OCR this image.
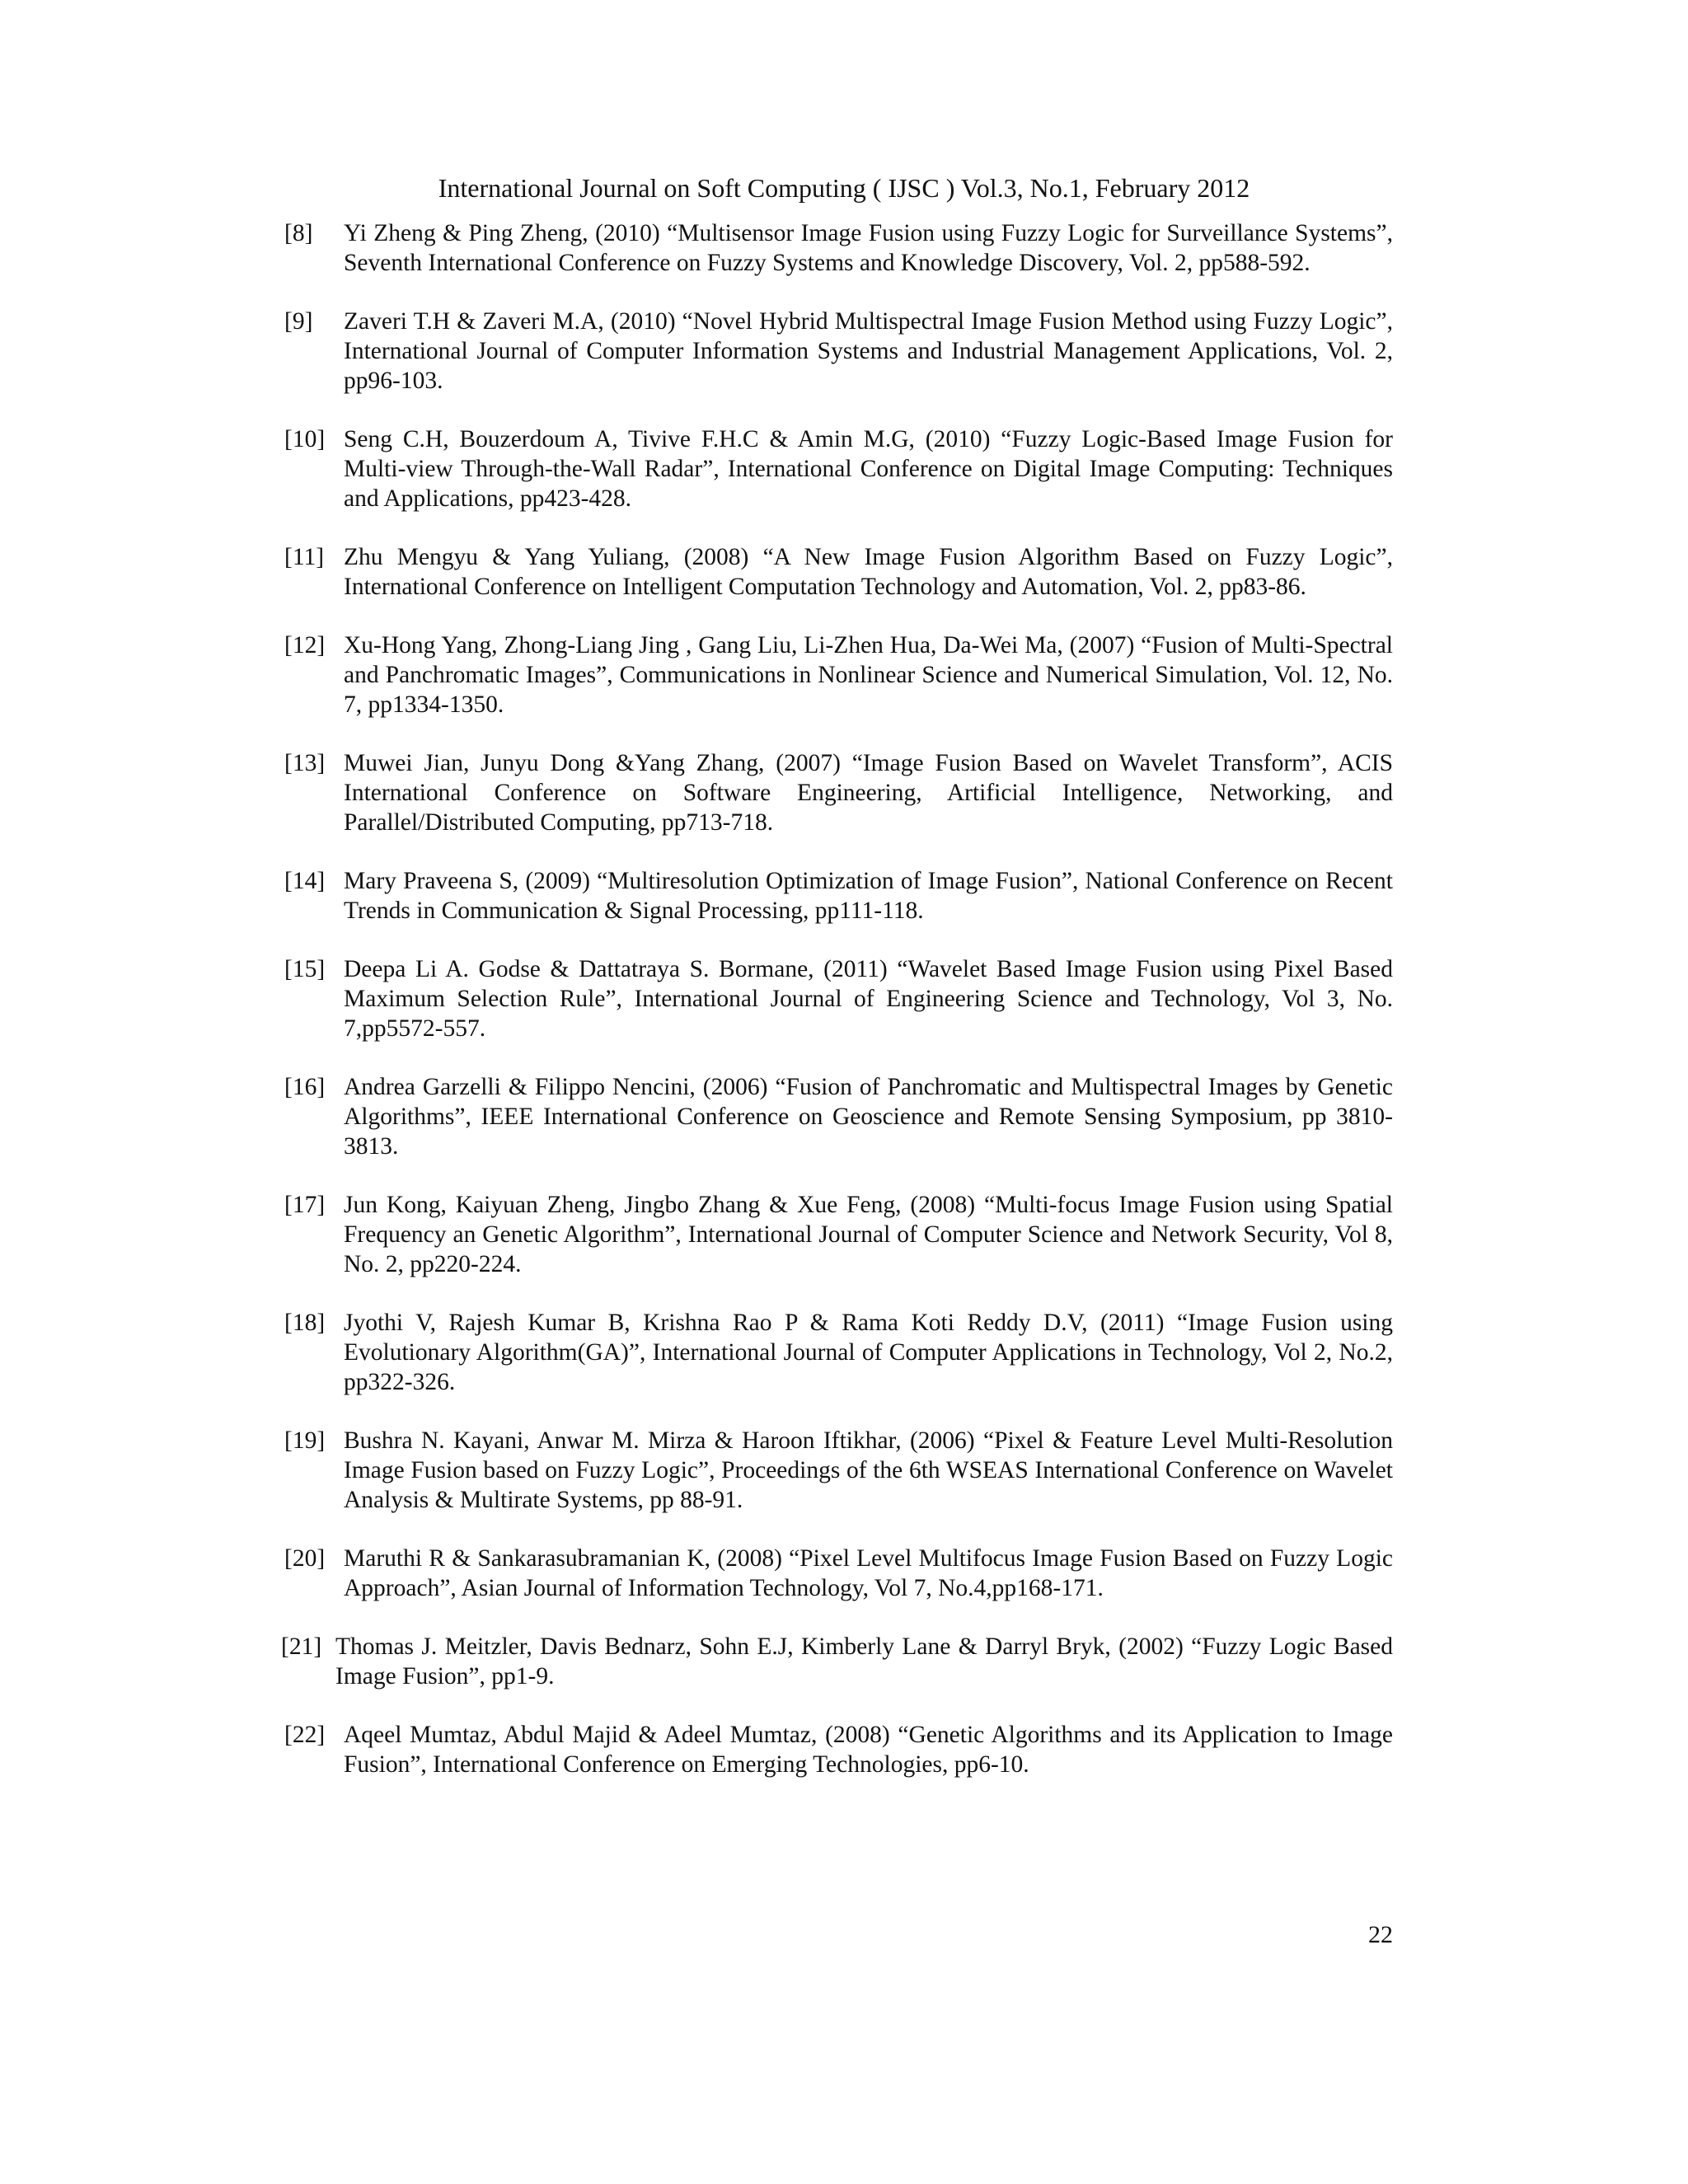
International Journal on Soft Computing ( IJSC ) Vol.3, No.1, February 2012
[8]	Yi Zheng & Ping Zheng, (2010) “Multisensor Image Fusion using Fuzzy Logic for Surveillance Systems”, Seventh International Conference on Fuzzy Systems and Knowledge Discovery, Vol. 2, pp588-592.
[9]	Zaveri T.H & Zaveri M.A, (2010) “Novel Hybrid Multispectral Image Fusion Method using Fuzzy Logic”, International Journal of Computer Information Systems and Industrial Management Applications, Vol. 2, pp96-103.
[10] Seng C.H, Bouzerdoum A, Tivive F.H.C & Amin M.G, (2010) “Fuzzy Logic-Based Image Fusion for Multi-view Through-the-Wall Radar”, International Conference on Digital Image Computing: Techniques and Applications, pp423-428.
[11] Zhu Mengyu & Yang Yuliang, (2008) “A New Image Fusion Algorithm Based on Fuzzy Logic”, International Conference on Intelligent Computation Technology and Automation, Vol. 2, pp83-86.
[12] Xu-Hong Yang, Zhong-Liang Jing , Gang Liu, Li-Zhen Hua, Da-Wei Ma, (2007) “Fusion of Multi-Spectral and Panchromatic Images”, Communications in Nonlinear Science and Numerical Simulation, Vol. 12, No. 7, pp1334-1350.
[13] Muwei Jian, Junyu Dong &Yang Zhang, (2007) “Image Fusion Based on Wavelet Transform”, ACIS International Conference on Software Engineering, Artificial Intelligence, Networking, and Parallel/Distributed Computing, pp713-718.
[14] Mary Praveena S, (2009) “Multiresolution Optimization of Image Fusion”, National Conference on Recent Trends in Communication & Signal Processing, pp111-118.
[15] Deepa Li A. Godse & Dattatraya S. Bormane, (2011) “Wavelet Based Image Fusion using Pixel Based Maximum Selection Rule”, International Journal of Engineering Science and Technology, Vol 3, No. 7,pp5572-557.
[16] Andrea Garzelli & Filippo Nencini, (2006) “Fusion of Panchromatic and Multispectral Images by Genetic Algorithms”, IEEE International Conference on Geoscience and Remote Sensing Symposium, pp 3810-3813.
[17] Jun Kong, Kaiyuan Zheng, Jingbo Zhang & Xue Feng, (2008) “Multi-focus Image Fusion using Spatial Frequency an Genetic Algorithm”, International Journal of Computer Science and Network Security, Vol 8, No. 2, pp220-224.
[18] Jyothi V, Rajesh Kumar B, Krishna Rao P & Rama Koti Reddy D.V, (2011) “Image Fusion using Evolutionary Algorithm(GA)”, International Journal of Computer Applications in Technology, Vol 2, No.2, pp322-326.
[19] Bushra N. Kayani, Anwar M. Mirza & Haroon Iftikhar, (2006) “Pixel & Feature Level Multi-Resolution Image Fusion based on Fuzzy Logic”, Proceedings of the 6th WSEAS International Conference on Wavelet Analysis & Multirate Systems, pp 88-91.
[20] Maruthi R & Sankarasubramanian K, (2008) “Pixel Level Multifocus Image Fusion Based on Fuzzy Logic Approach”, Asian Journal of Information Technology, Vol 7, No.4,pp168-171.
[21] Thomas J. Meitzler, Davis Bednarz, Sohn E.J, Kimberly Lane & Darryl Bryk, (2002) “Fuzzy Logic Based Image Fusion”, pp1-9.
[22] Aqeel Mumtaz, Abdul Majid & Adeel Mumtaz, (2008) “Genetic Algorithms and its Application to Image Fusion”, International Conference on Emerging Technologies, pp6-10.
22
